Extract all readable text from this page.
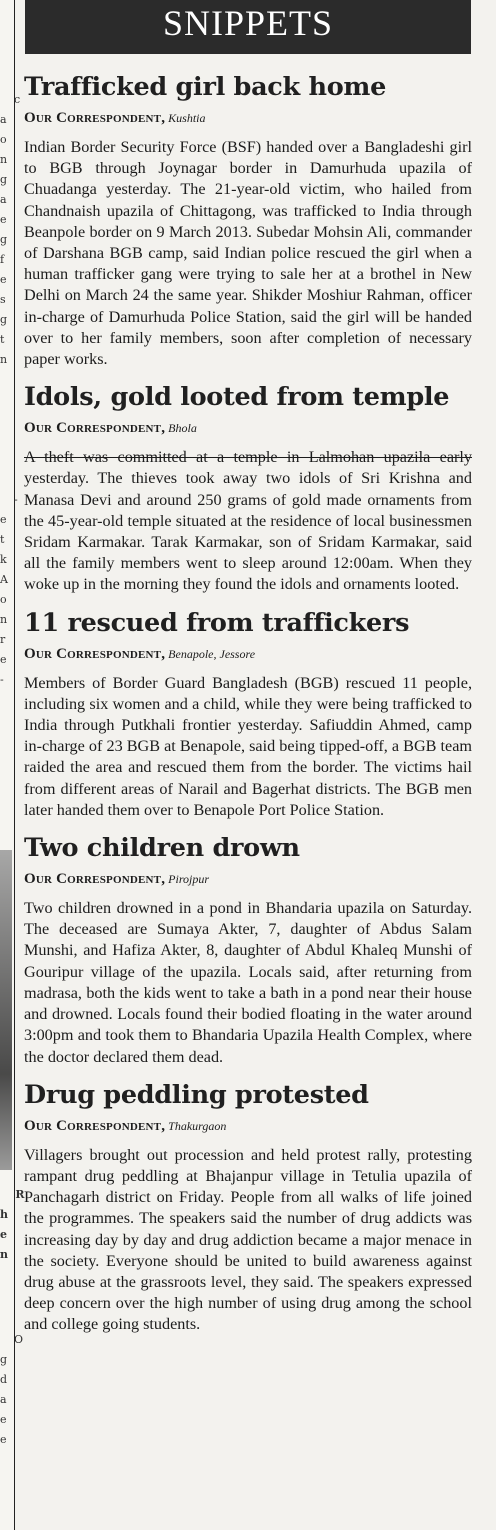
c
a
o
n
g
a
e
g
f
e
s
g
t
n

-
e
t
k
A
o
n
r
e
-

R
h
e
n

O
g
d
a
e
e

SNIPPETS
Trafficked girl back home
Our Correspondent, Kushtia

Indian Border Security Force (BSF) handed over a Bangladeshi girl to BGB through Joynagar border in Damurhuda upazila of Chuadanga yesterday. The 21-year-old victim, who hailed from Chandnaish upazila of Chittagong, was trafficked to India through Beanpole border on 9 March 2013. Subedar Mohsin Ali, commander of Darshana BGB camp, said Indian police rescued the girl when a human trafficker gang were trying to sale her at a brothel in New Delhi on March 24 the same year. Shikder Moshiur Rahman, officer in-charge of Damurhuda Police Station, said the girl will be handed over to her family members, soon after completion of necessary paper works.

Idols, gold looted from temple
Our Correspondent, Bhola

A theft was committed at a temple in Lalmohan upazila early yesterday. The thieves took away two idols of Sri Krishna and Manasa Devi and around 250 grams of gold made ornaments from the 45-year-old temple situated at the residence of local businessmen Sridam Karmakar. Tarak Karmakar, son of Sridam Karmakar, said all the family members went to sleep around 12:00am. When they woke up in the morning they found the idols and ornaments looted.

11 rescued from traffickers
Our Correspondent, Benapole, Jessore

Members of Border Guard Bangladesh (BGB) rescued 11 people, including six women and a child, while they were being trafficked to India through Putkhali frontier yesterday. Safiuddin Ahmed, camp in-charge of 23 BGB at Benapole, said being tipped-off, a BGB team raided the area and rescued them from the border. The victims hail from different areas of Narail and Bagerhat districts. The BGB men later handed them over to Benapole Port Police Station.

Two children drown
Our Correspondent, Pirojpur

Two children drowned in a pond in Bhandaria upazila on Saturday. The deceased are Sumaya Akter, 7, daughter of Abdus Salam Munshi, and Hafiza Akter, 8, daughter of Abdul Khaleq Munshi of Gouripur village of the upazila. Locals said, after returning from madrasa, both the kids went to take a bath in a pond near their house and drowned. Locals found their bodied floating in the water around 3:00pm and took them to Bhandaria Upazila Health Complex, where the doctor declared them dead.

Drug peddling protested
Our Correspondent, Thakurgaon

Villagers brought out procession and held protest rally, protesting rampant drug peddling at Bhajanpur village in Tetulia upazila of Panchagarh district on Friday. People from all walks of life joined the programmes. The speakers said the number of drug addicts was increasing day by day and drug addiction became a major menace in the society. Everyone should be united to build awareness against drug abuse at the grassroots level, they said. The speakers expressed deep concern over the high number of using drug among the school and college going students.
